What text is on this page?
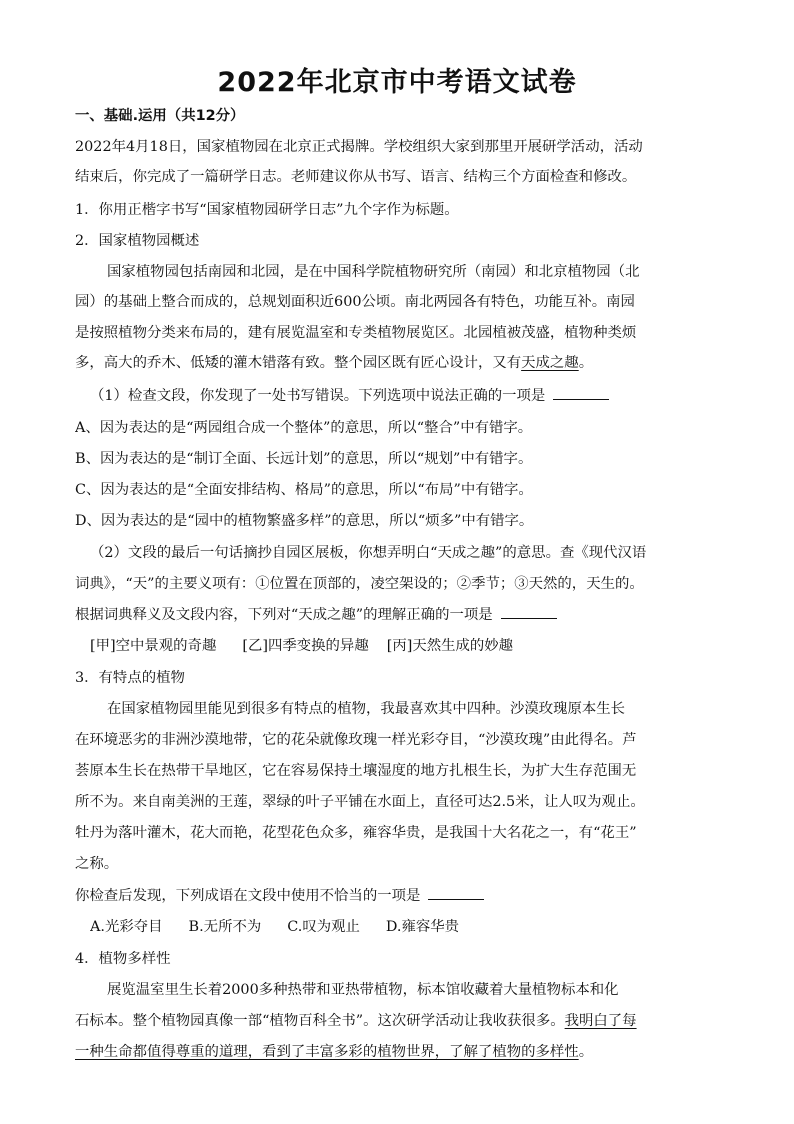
2022年北京市中考语文试卷
一、基础.运用（共12分）
2022年4月18日，国家植物园在北京正式揭牌。学校组织大家到那里开展研学活动，活动
结束后，你完成了一篇研学日志。老师建议你从书写、语言、结构三个方面检查和修改。
1．你用正楷字书写“国家植物园研学日志”九个字作为标题。
2．国家植物园概述
国家植物园包括南园和北园，是在中国科学院植物研究所（南园）和北京植物园（北
园）的基础上整合而成的，总规划面积近600公顷。南北两园各有特色，功能互补。南园
是按照植物分类来布局的，建有展览温室和专类植物展览区。北园植被茂盛，植物种类烦
多，高大的乔木、低矮的灌木错落有致。整个园区既有匠心设计，又有天成之趣。
（1）检查文段，你发现了一处书写错误。下列选项中说法正确的一项是
A、因为表达的是“两园组合成一个整体”的意思，所以“整合”中有错字。
B、因为表达的是“制订全面、长远计划”的意思，所以“规划”中有错字。
C、因为表达的是“全面安排结构、格局”的意思，所以“布局”中有错字。
D、因为表达的是“园中的植物繁盛多样”的意思，所以“烦多”中有错字。
（2）文段的最后一句话摘抄自园区展板，你想弄明白“天成之趣”的意思。查《现代汉语
词典》，“天”的主要义项有：①位置在顶部的，凌空架设的；②季节；③天然的，天生的。
根据词典释义及文段内容，下列对“天成之趣”的理解正确的一项是
[甲]空中景观的奇趣 [乙]四季变换的异趣 [丙]天然生成的妙趣
3．有特点的植物
在国家植物园里能见到很多有特点的植物，我最喜欢其中四种。沙漠玫瑰原本生长
在环境恶劣的非洲沙漠地带，它的花朵就像玫瑰一样光彩夺目，“沙漠玫瑰”由此得名。芦
荟原本生长在热带干旱地区，它在容易保持土壤湿度的地方扎根生长，为扩大生存范围无
所不为。来自南美洲的王莲，翠绿的叶子平铺在水面上，直径可达2.5米，让人叹为观止。
牡丹为落叶灌木，花大而艳，花型花色众多，雍容华贵，是我国十大名花之一，有“花王”
之称。
你检查后发现，下列成语在文段中使用不恰当的一项是
A.光彩夺目 B.无所不为 C.叹为观止 D.雍容华贵
4．植物多样性
展览温室里生长着2000多种热带和亚热带植物，标本馆收藏着大量植物标本和化
石标本。整个植物园真像一部“植物百科全书”。这次研学活动让我收获很多。我明白了每
一种生命都值得尊重的道理，看到了丰富多彩的植物世界，了解了植物的多样性。
